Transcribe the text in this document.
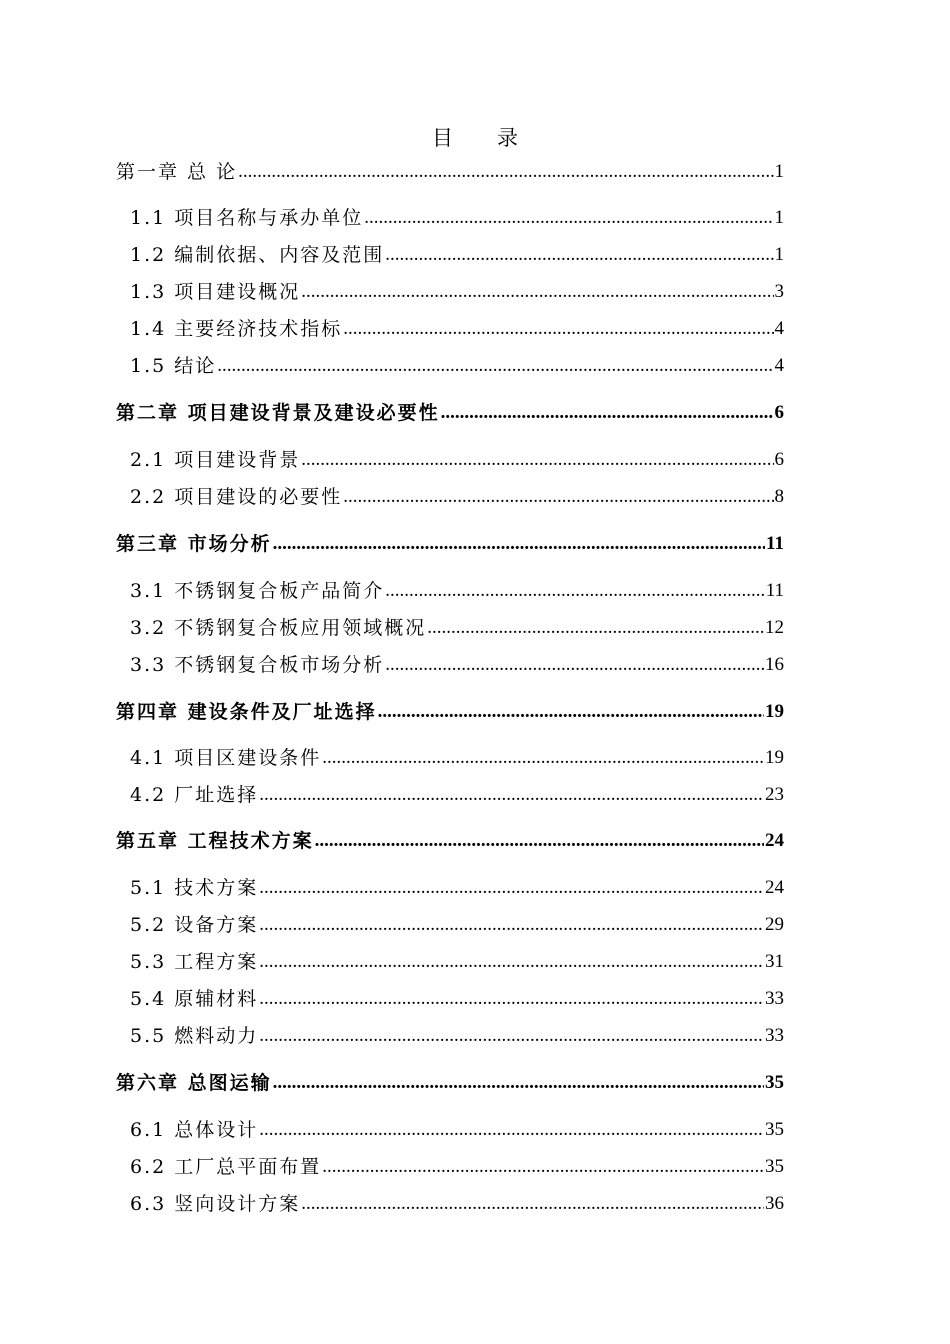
目 录
第一章 总 论 .....	1
1.1 项目名称与承办单位 .....	1
1.2 编制依据、内容及范围 .....	1
1.3 项目建设概况 .....	3
1.4 主要经济技术指标 .....	4
1.5 结论 .....	4
第二章 项目建设背景及建设必要性 .....	6
2.1 项目建设背景 .....	6
2.2 项目建设的必要性 .....	8
第三章 市场分析 .....	11
3.1 不锈钢复合板产品简介 .....	11
3.2 不锈钢复合板应用领域概况 .....	12
3.3 不锈钢复合板市场分析 .....	16
第四章 建设条件及厂址选择 .....	19
4.1 项目区建设条件 .....	19
4.2 厂址选择 .....	23
第五章 工程技术方案 .....	24
5.1 技术方案 .....	24
5.2 设备方案 .....	29
5.3 工程方案 .....	31
5.4 原辅材料 .....	33
5.5 燃料动力 .....	33
第六章 总图运输 .....	35
6.1 总体设计 .....	35
6.2 工厂总平面布置 .....	35
6.3 竖向设计方案 .....	36
